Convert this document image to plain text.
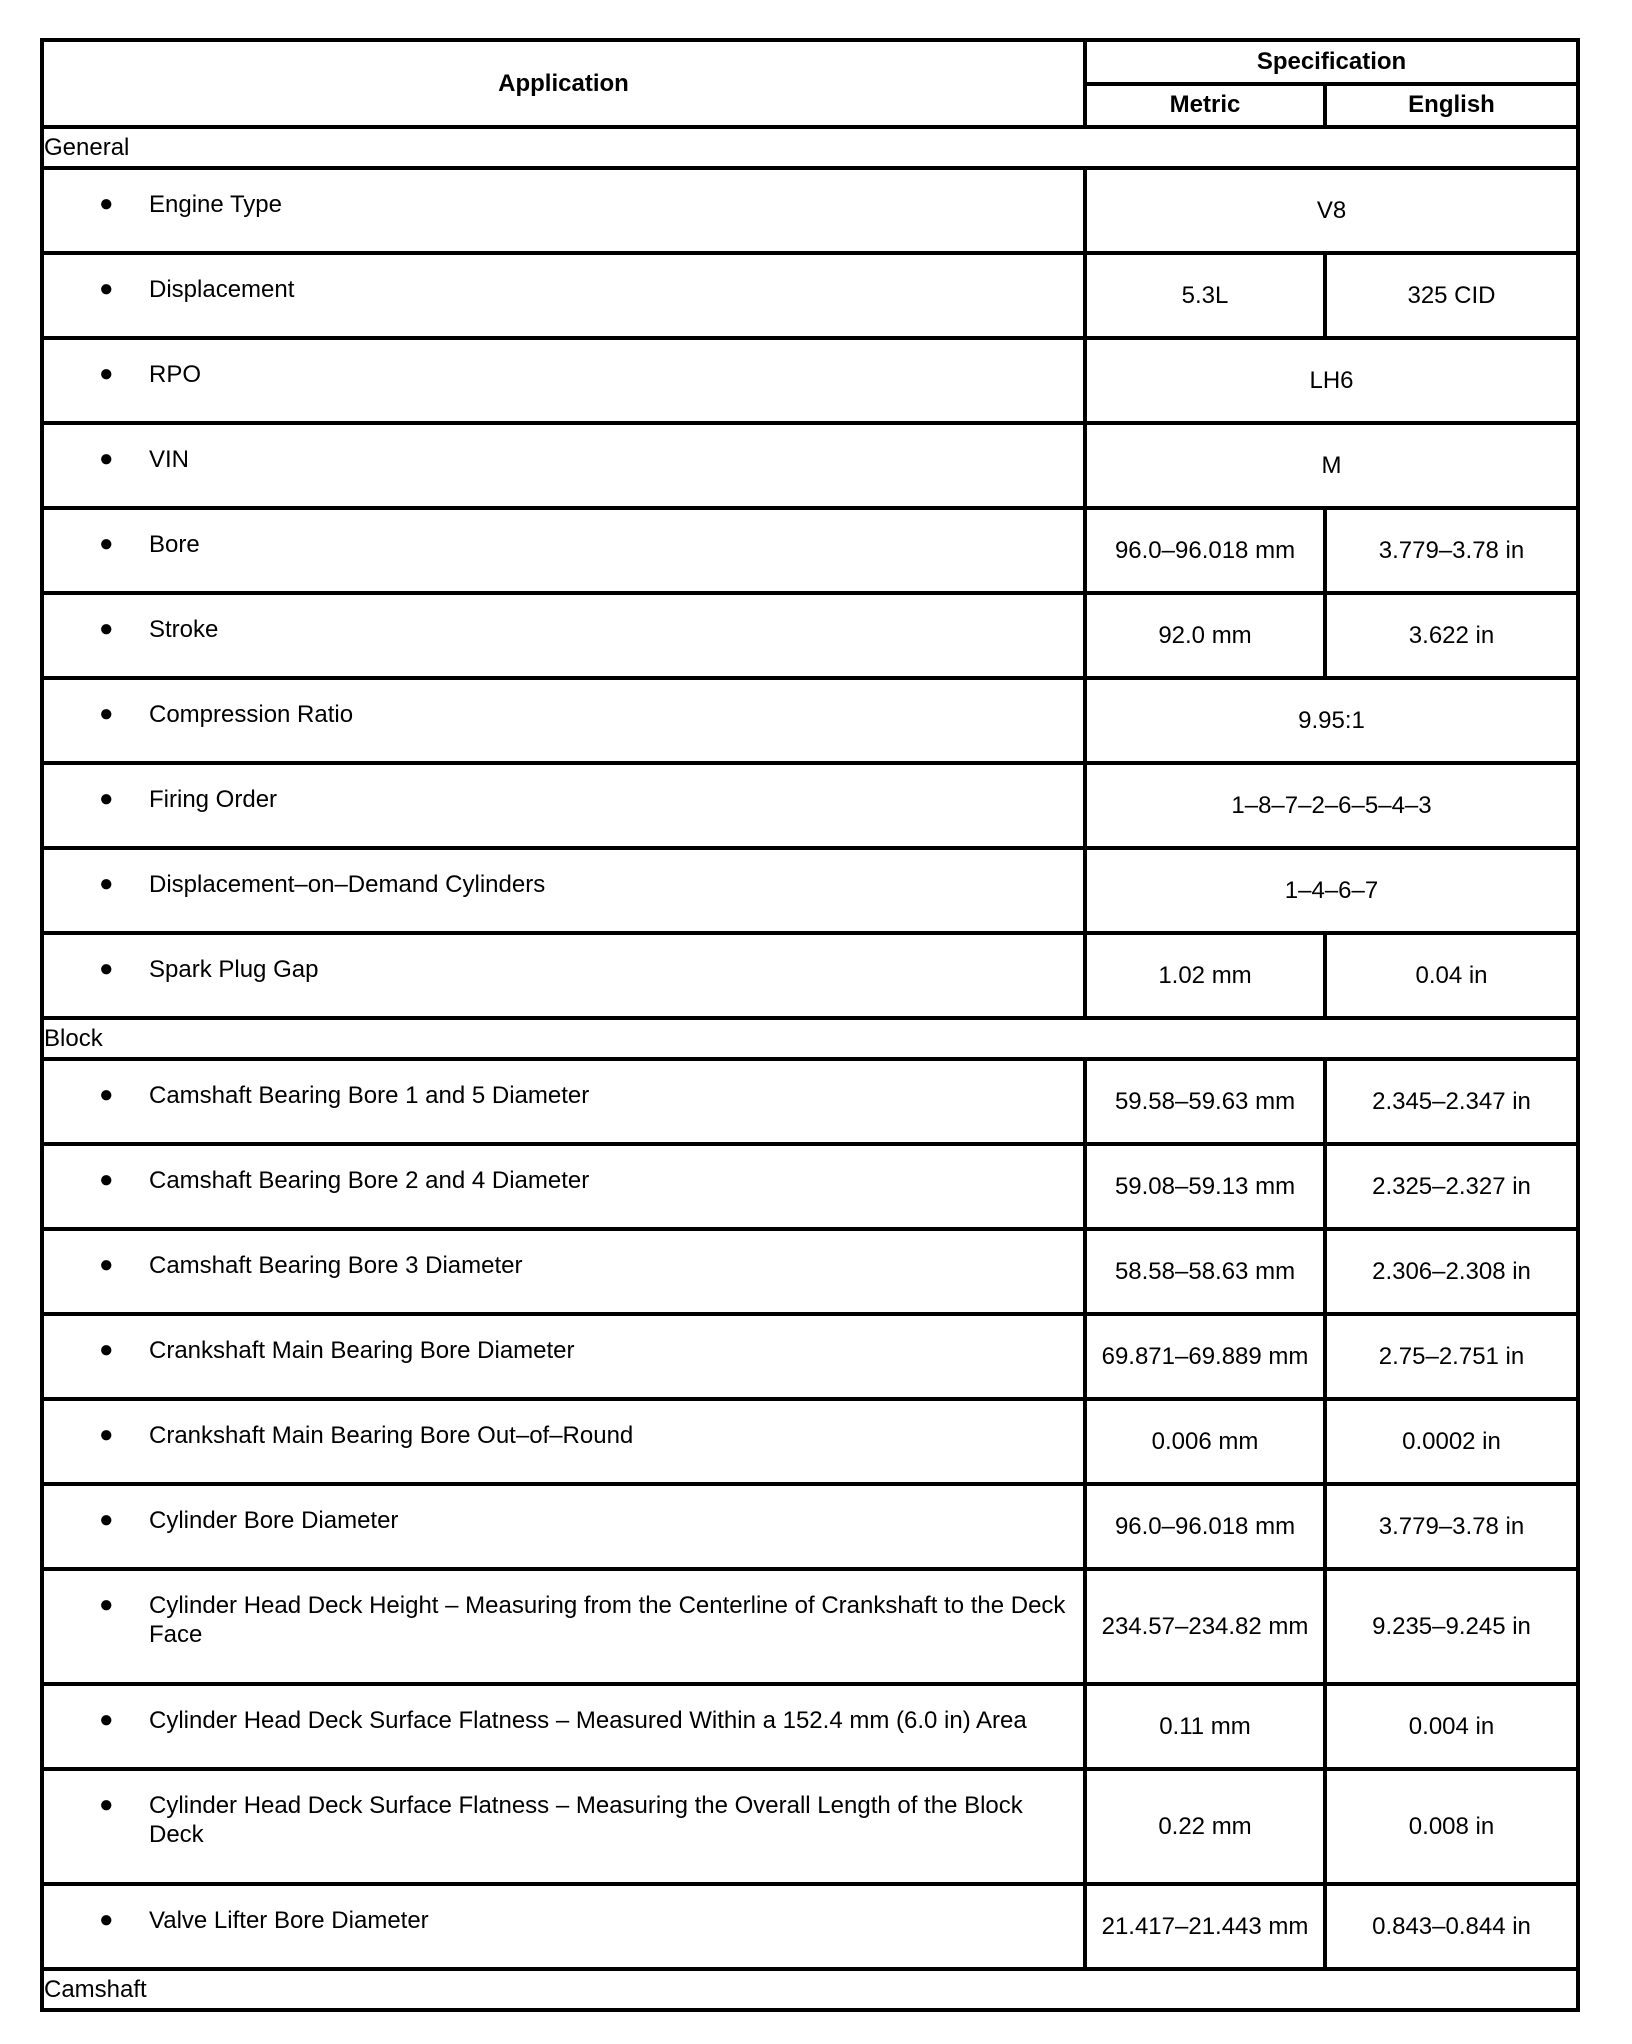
Application	Specification	
	Metric	English
General		

● Engine Type	V8	

● Displacement	5.3L	325 CID

● RPO	LH6	

● VIN	M	

● Bore	96.0–96.018 mm	3.779–3.78 in

● Stroke	92.0 mm	3.622 in

● Compression Ratio	9.95:1	

● Firing Order	1–8–7–2–6–5–4–3	

● Displacement–on–Demand Cylinders	1–4–6–7	

● Spark Plug Gap	1.02 mm	0.04 in
Block		

● Camshaft Bearing Bore 1 and 5 Diameter	59.58–59.63 mm	2.345–2.347 in

● Camshaft Bearing Bore 2 and 4 Diameter	59.08–59.13 mm	2.325–2.327 in

● Camshaft Bearing Bore 3 Diameter	58.58–58.63 mm	2.306–2.308 in

● Crankshaft Main Bearing Bore Diameter	69.871–69.889 mm	2.75–2.751 in

● Crankshaft Main Bearing Bore Out–of–Round	0.006 mm	0.0002 in

● Cylinder Bore Diameter	96.0–96.018 mm	3.779–3.78 in

● Cylinder Head Deck Height – Measuring from the Centerline of Crankshaft to the Deck Face	234.57–234.82 mm	9.235–9.245 in

● Cylinder Head Deck Surface Flatness – Measured Within a 152.4 mm (6.0 in) Area	0.11 mm	0.004 in

● Cylinder Head Deck Surface Flatness – Measuring the Overall Length of the Block Deck	0.22 mm	0.008 in

● Valve Lifter Bore Diameter	21.417–21.443 mm	0.843–0.844 in
Camshaft		
